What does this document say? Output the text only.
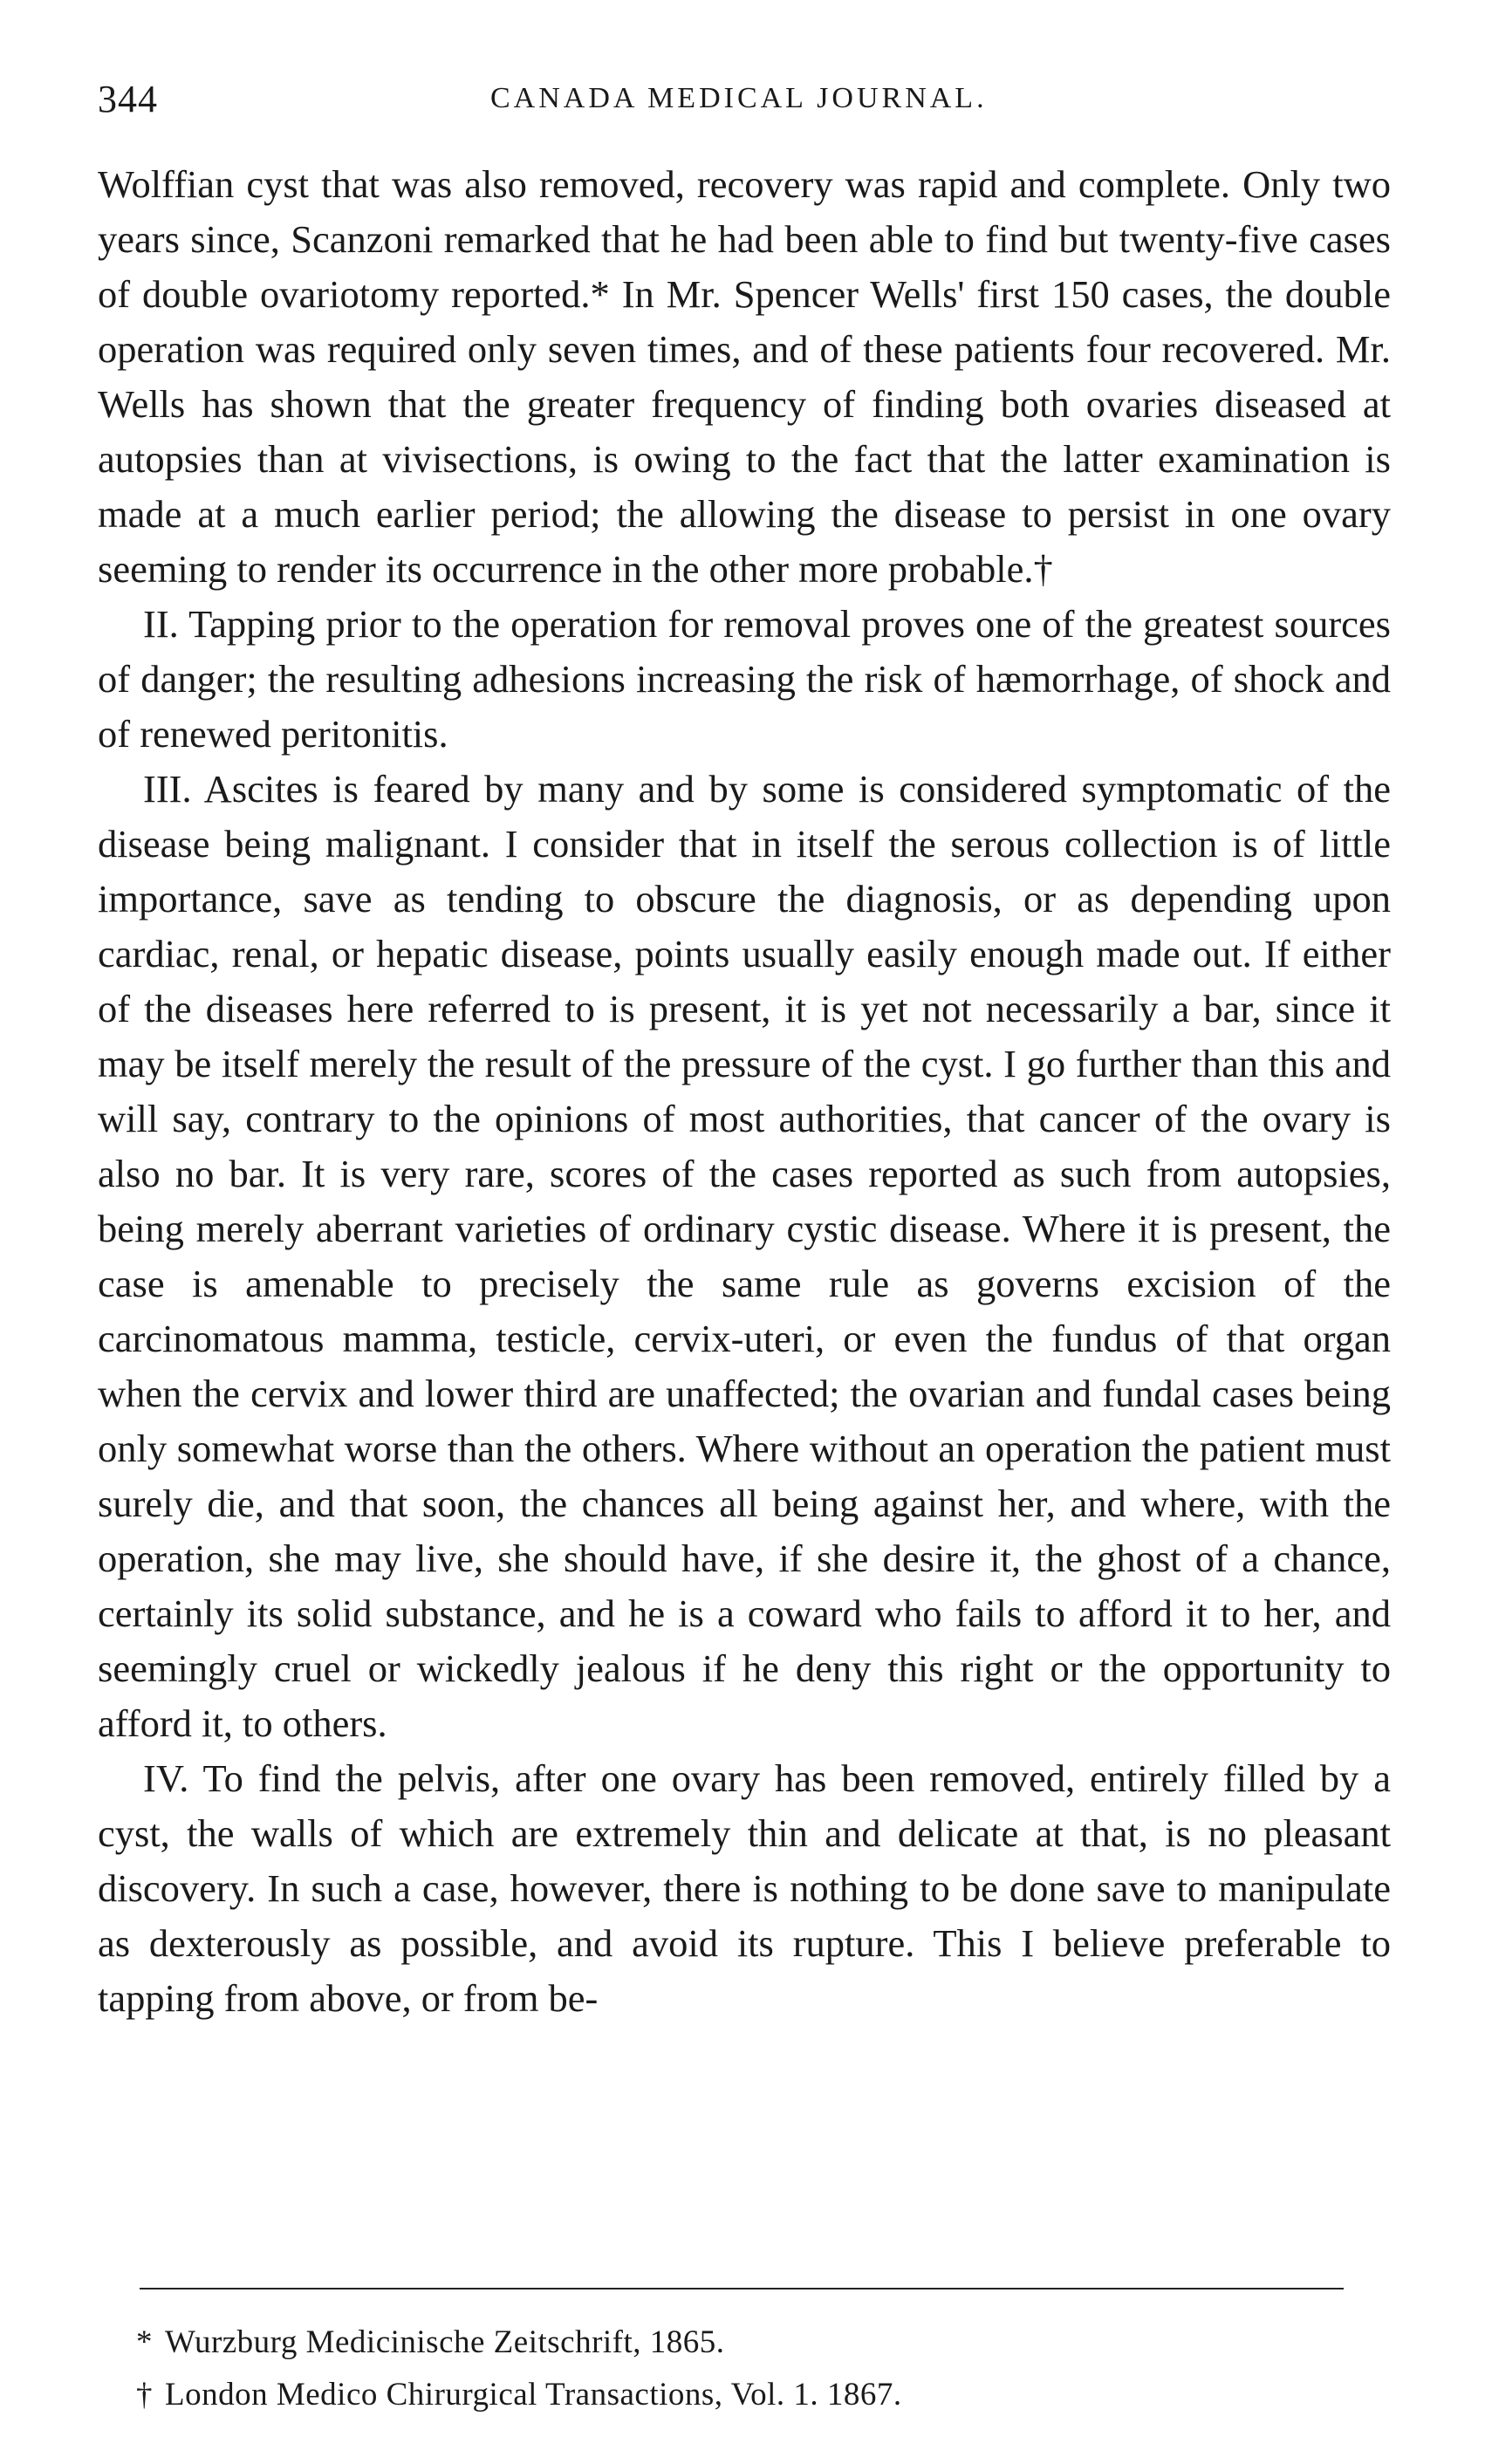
344	CANADA MEDICAL JOURNAL.

Wolffian cyst that was also removed, recovery was rapid and complete. Only two years since, Scanzoni remarked that he had been able to find but twenty-five cases of double ovariotomy reported.* In Mr. Spencer Wells' first 150 cases, the double operation was required only seven times, and of these patients four recovered. Mr. Wells has shown that the greater frequency of finding both ovaries diseased at autopsies than at vivisections, is owing to the fact that the latter examination is made at a much earlier period; the allowing the disease to persist in one ovary seeming to render its occurrence in the other more probable.†

II. Tapping prior to the operation for removal proves one of the greatest sources of danger; the resulting adhesions increasing the risk of hæmorrhage, of shock and of renewed peritonitis.

III. Ascites is feared by many and by some is considered symptomatic of the disease being malignant. I consider that in itself the serous collection is of little importance, save as tending to obscure the diagnosis, or as depending upon cardiac, renal, or hepatic disease, points usually easily enough made out. If either of the diseases here referred to is present, it is yet not necessarily a bar, since it may be itself merely the result of the pressure of the cyst. I go further than this and will say, contrary to the opinions of most authorities, that cancer of the ovary is also no bar. It is very rare, scores of the cases reported as such from autopsies, being merely aberrant varieties of ordinary cystic disease. Where it is present, the case is amenable to precisely the same rule as governs excision of the carcinomatous mamma, testicle, cervix-uteri, or even the fundus of that organ when the cervix and lower third are unaffected; the ovarian and fundal cases being only somewhat worse than the others. Where without an operation the patient must surely die, and that soon, the chances all being against her, and where, with the operation, she may live, she should have, if she desire it, the ghost of a chance, certainly its solid substance, and he is a coward who fails to afford it to her, and seemingly cruel or wickedly jealous if he deny this right or the opportunity to afford it, to others.

IV. To find the pelvis, after one ovary has been removed, entirely filled by a cyst, the walls of which are extremely thin and delicate at that, is no pleasant discovery. In such a case, however, there is nothing to be done save to manipulate as dexterously as possible, and avoid its rupture. This I believe preferable to tapping from above, or from be-

* Wurzburg Medicinische Zeitschrift, 1865.

† London Medico Chirurgical Transactions, Vol. 1. 1867.
